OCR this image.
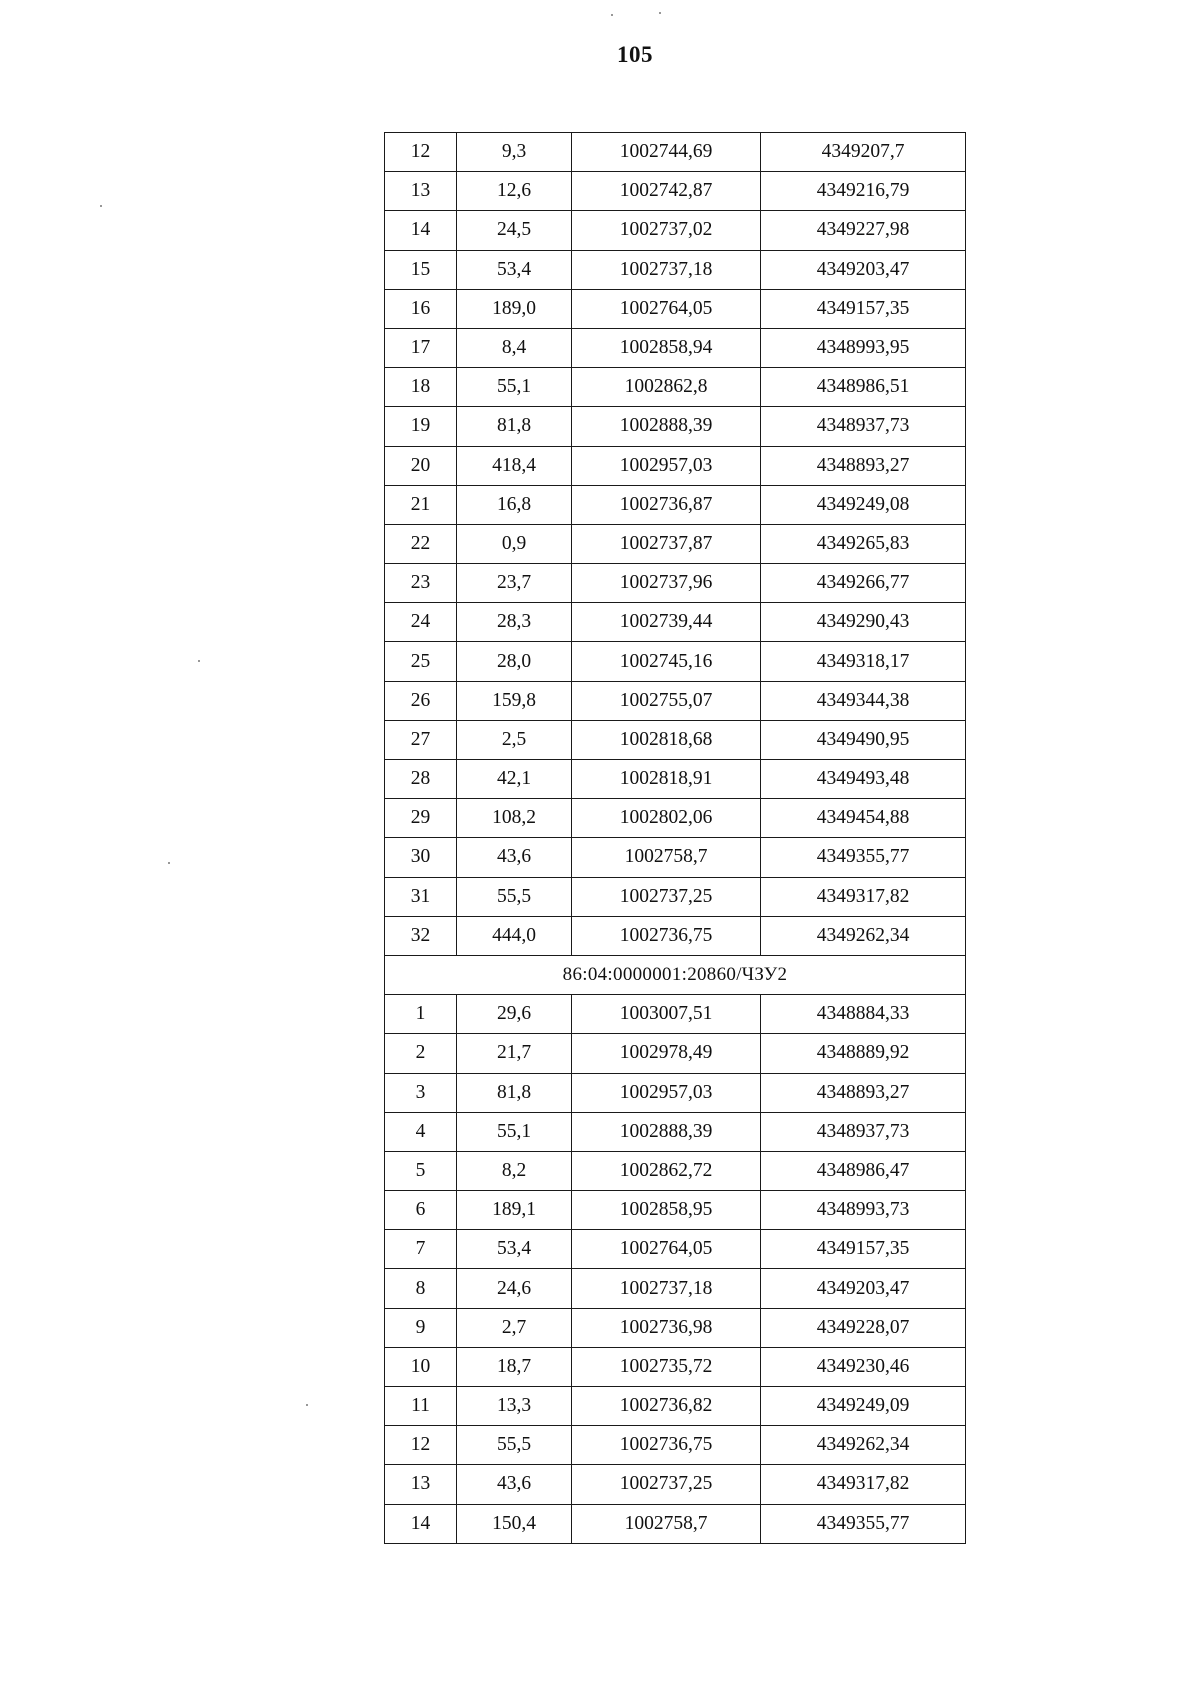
105
12	9,3	1002744,69	4349207,7
13	12,6	1002742,87	4349216,79
14	24,5	1002737,02	4349227,98
15	53,4	1002737,18	4349203,47
16	189,0	1002764,05	4349157,35
17	8,4	1002858,94	4348993,95
18	55,1	1002862,8	4348986,51
19	81,8	1002888,39	4348937,73
20	418,4	1002957,03	4348893,27
21	16,8	1002736,87	4349249,08
22	0,9	1002737,87	4349265,83
23	23,7	1002737,96	4349266,77
24	28,3	1002739,44	4349290,43
25	28,0	1002745,16	4349318,17
26	159,8	1002755,07	4349344,38
27	2,5	1002818,68	4349490,95
28	42,1	1002818,91	4349493,48
29	108,2	1002802,06	4349454,88
30	43,6	1002758,7	4349355,77
31	55,5	1002737,25	4349317,82
32	444,0	1002736,75	4349262,34
86:04:0000001:20860/ЧЗУ2			
1	29,6	1003007,51	4348884,33
2	21,7	1002978,49	4348889,92
3	81,8	1002957,03	4348893,27
4	55,1	1002888,39	4348937,73
5	8,2	1002862,72	4348986,47
6	189,1	1002858,95	4348993,73
7	53,4	1002764,05	4349157,35
8	24,6	1002737,18	4349203,47
9	2,7	1002736,98	4349228,07
10	18,7	1002735,72	4349230,46
11	13,3	1002736,82	4349249,09
12	55,5	1002736,75	4349262,34
13	43,6	1002737,25	4349317,82
14	150,4	1002758,7	4349355,77
